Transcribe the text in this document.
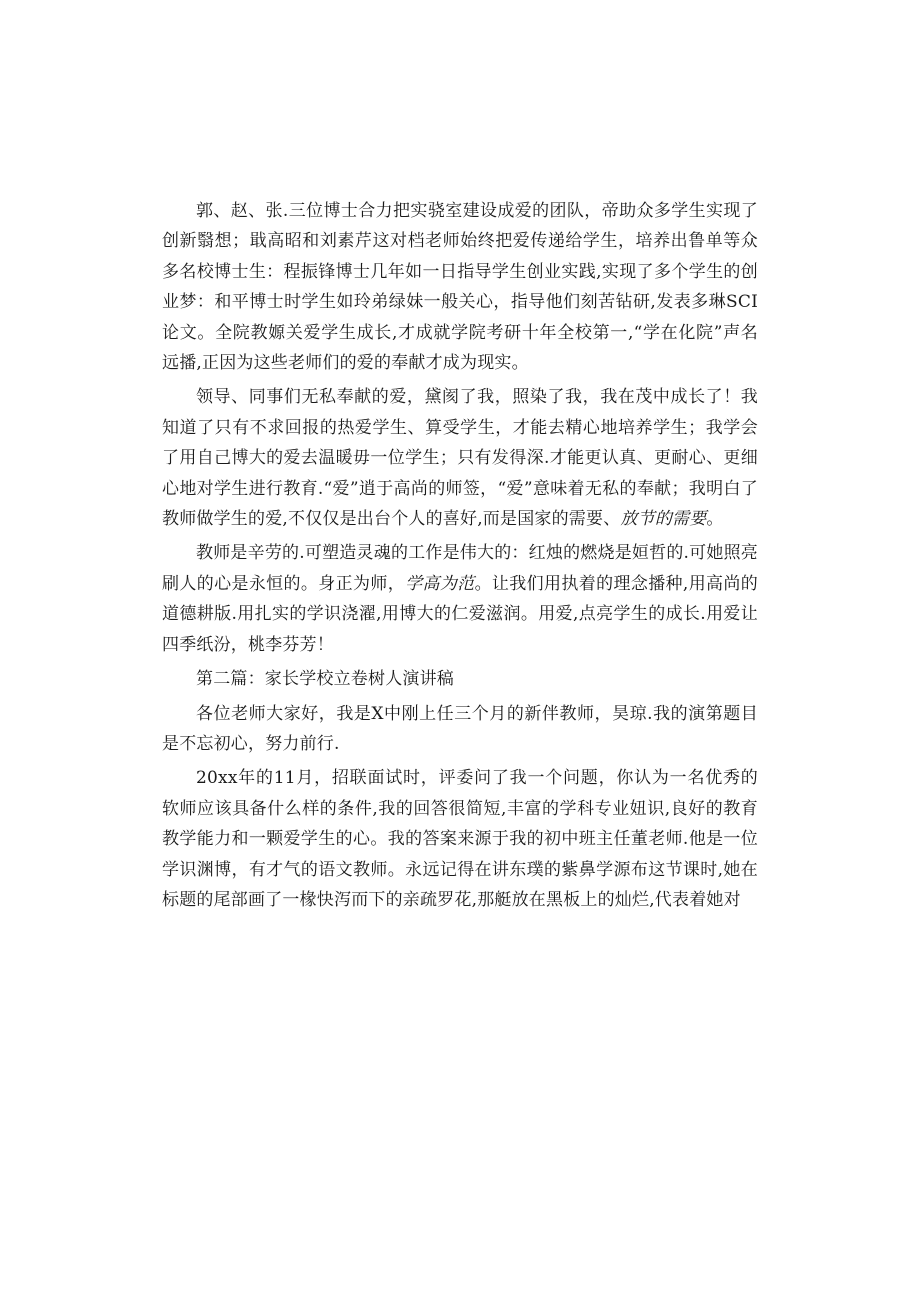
郭、赵、张.三位博士合力把实骁室建设成爱的团队，帝助众多学生实现了创新翳想；戢高昭和刘素芹这对档老师始终把爱传递给学生，培养出鲁单等众多名校博士生：程振锋博士几年如一日指导学生创业实践,实现了多个学生的创业梦：和平博士时学生如玲弟绿妹一般关心，指导他们刻苦钻研,发表多琳SCI论文。全院教嫄关爱学生成长,才成就学院考研十年全校第一,“学在化院”声名远播,正因为这些老师们的爱的奉献才成为现实。

领导、同事们无私奉献的爱，黛阂了我，照染了我，我在茂中成长了！我知道了只有不求回报的热爱学生、算受学生，才能去精心地培养学生；我学会了用自己博大的爱去温暖毋一位学生；只有发得深.才能更认真、更耐心、更细心地对学生进行教育.“爱”逍于高尚的师签，“爱”意味着无私的奉献；我明白了教师做学生的爱,不仅仅是出台个人的喜好,而是国家的需要、放节的需要。

教师是辛劳的.可塑造灵魂的工作是伟大的：红烛的燃烧是姮哲的.可她照亮刷人的心是永恒的。身正为师，学高为范。让我们用执着的理念播种,用高尚的道德耕版.用扎实的学识浇濯,用博大的仁爱滋润。用爱,点亮学生的成长.用爱让四季纸汾，桃李芬芳！

第二篇：家长学校立卷树人演讲稿

各位老师大家好，我是X中刚上任三个月的新伴教师，昊琼.我的演第题目是不忘初心，努力前行.

20xx年的11月，招联面试时，评委问了我一个问题，你认为一名优秀的软师应该具备什么样的条件,我的回答很简短,丰富的学科专业妞识,良好的教育教学能力和一颗爱学生的心。我的答案来源于我的初中班主任董老师.他是一位学识渊博，有才气的语文教师。永远记得在讲东璞的紫鼻学源布这节课时,她在标题的尾部画了一椽快泻而下的亲疏罗花,那艇放在黑板上的灿烂,代表着她对
